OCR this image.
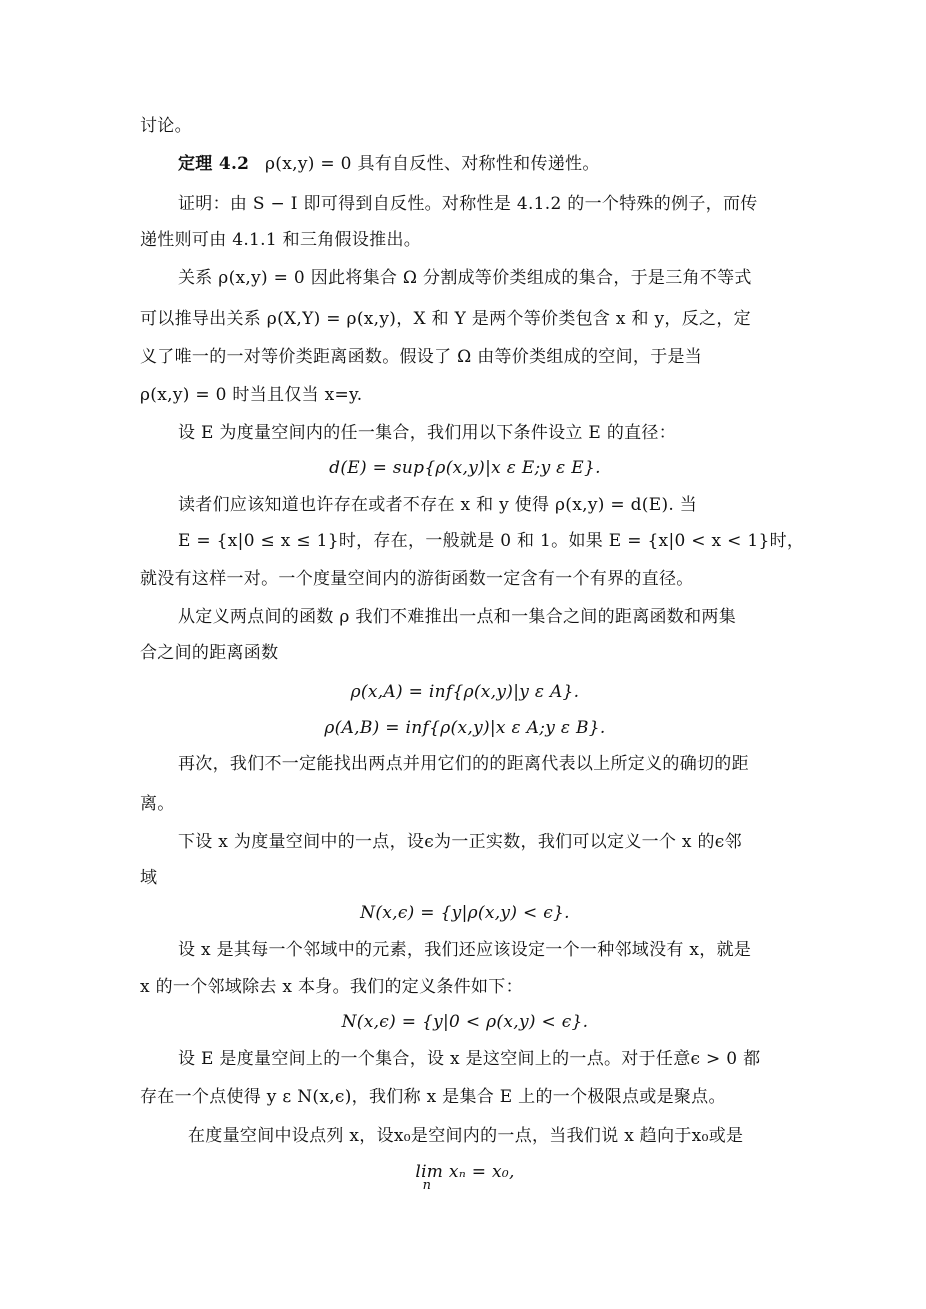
讨论。
定理 4.2 ρ(x,y) = 0 具有自反性、对称性和传递性。
证明：由 S − I 即可得到自反性。对称性是 4.1.2 的一个特殊的例子，而传
递性则可由 4.1.1 和三角假设推出。
关系 ρ(x,y) = 0 因此将集合 Ω 分割成等价类组成的集合，于是三角不等式
可以推导出关系 ρ(X,Y) = ρ(x,y)，X 和 Y 是两个等价类包含 x 和 y，反之，定
义了唯一的一对等价类距离函数。假设了 Ω 由等价类组成的空间，于是当
ρ(x,y) = 0 时当且仅当 x=y.
设 E 为度量空间内的任一集合，我们用以下条件设立 E 的直径：
d(E) = sup{ρ(x,y)|x ε E;y ε E}.
读者们应该知道也许存在或者不存在 x 和 y 使得 ρ(x,y) = d(E). 当
E = {x|0 ≤ x ≤ 1}时，存在，一般就是 0 和 1。如果 E = {x|0 < x < 1}时，
就没有这样一对。一个度量空间内的游街函数一定含有一个有界的直径。
从定义两点间的函数 ρ 我们不难推出一点和一集合之间的距离函数和两集
合之间的距离函数
ρ(x,A) = inf{ρ(x,y)|y ε A}.
ρ(A,B) = inf{ρ(x,y)|x ε A;y ε B}.
再次，我们不一定能找出两点并用它们的的距离代表以上所定义的确切的距
离。
下设 x 为度量空间中的一点，设ϵ为一正实数，我们可以定义一个 x 的ϵ邻
域
N(x,ϵ) = {y|ρ(x,y) < ϵ}.
设 x 是其每一个邻域中的元素，我们还应该设定一个一种邻域没有 x，就是
x 的一个邻域除去 x 本身。我们的定义条件如下：
N(x,ϵ) = {y|0 < ρ(x,y) < ϵ}.
设 E 是度量空间上的一个集合，设 x 是这空间上的一点。对于任意ϵ > 0 都
存在一个点使得 y ε N(x,ϵ)，我们称 x 是集合 E 上的一个极限点或是聚点。
在度量空间中设点列 x，设x₀是空间内的一点，当我们说 x 趋向于x₀或是
lim xₙ = x₀,
n
